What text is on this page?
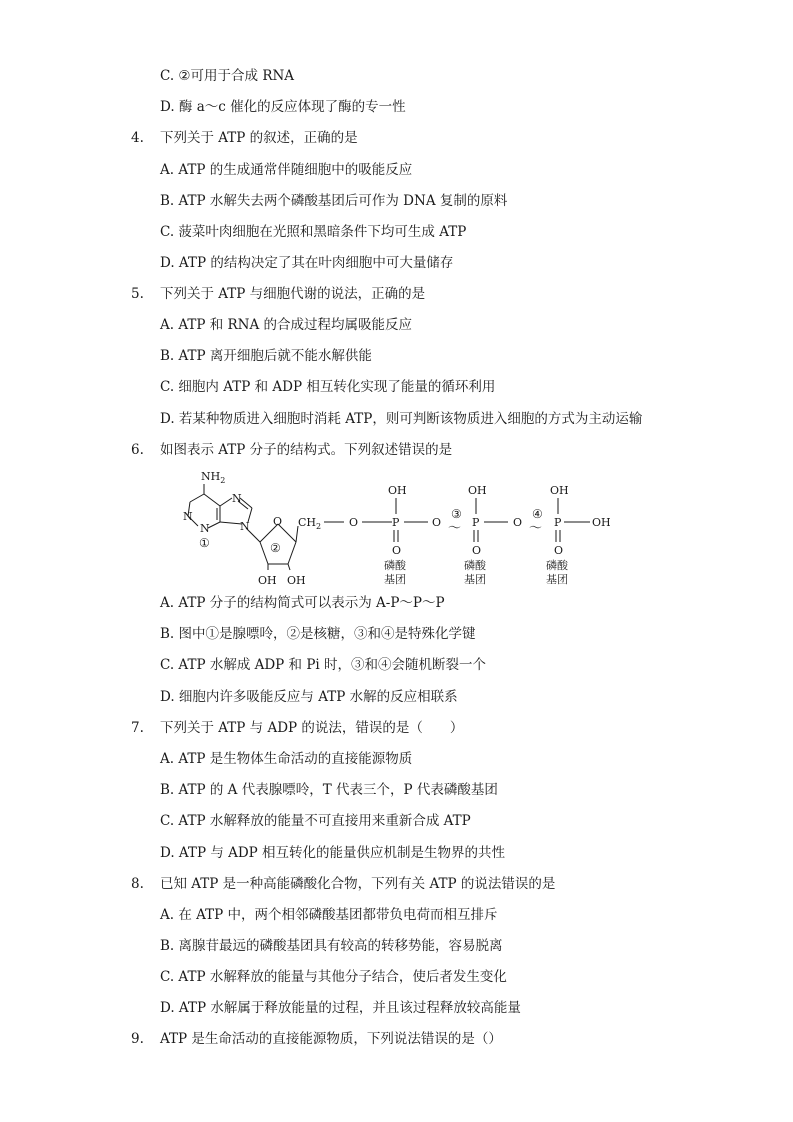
C. ②可用于合成 RNA
D. 酶 a～c 催化的反应体现了酶的专一性
4. 下列关于 ATP 的叙述，正确的是
A. ATP 的生成通常伴随细胞中的吸能反应
B. ATP 水解失去两个磷酸基团后可作为 DNA 复制的原料
C. 菠菜叶肉细胞在光照和黑暗条件下均可生成 ATP
D. ATP 的结构决定了其在叶肉细胞中可大量储存
5. 下列关于 ATP 与细胞代谢的说法，正确的是
A. ATP 和 RNA 的合成过程均属吸能反应
B. ATP 离开细胞后就不能水解供能
C. 细胞内 ATP 和 ADP 相互转化实现了能量的循环利用
D. 若某种物质进入细胞时消耗 ATP，则可判断该物质进入细胞的方式为主动运输
6. 如图表示 ATP 分子的结构式。下列叙述错误的是
$NH_2$
N
N
N
N
①
O
②
OH OH
$CH_2$	O
OH
P
O
磷酸
基团
O
③
～
OH
P
O
磷酸
基团
O
④
～
OH
P	OH
O
磷酸
基团
A. ATP 分子的结构简式可以表示为 A-P～P～P
B. 图中①是腺嘌呤，②是核糖，③和④是特殊化学键
C. ATP 水解成 ADP 和 Pi 时，③和④会随机断裂一个
D. 细胞内许多吸能反应与 ATP 水解的反应相联系
7. 下列关于 ATP 与 ADP 的说法，错误的是（　　）
A. ATP 是生物体生命活动的直接能源物质
B. ATP 的 A 代表腺嘌呤，T 代表三个，P 代表磷酸基团
C. ATP 水解释放的能量不可直接用来重新合成 ATP
D. ATP 与 ADP 相互转化的能量供应机制是生物界的共性
8. 已知 ATP 是一种高能磷酸化合物，下列有关 ATP 的说法错误的是
A. 在 ATP 中，两个相邻磷酸基团都带负电荷而相互排斥
B. 离腺苷最远的磷酸基团具有较高的转移势能，容易脱离
C. ATP 水解释放的能量与其他分子结合，使后者发生变化
D. ATP 水解属于释放能量的过程，并且该过程释放较高能量
9. ATP 是生命活动的直接能源物质，下列说法错误的是（）
